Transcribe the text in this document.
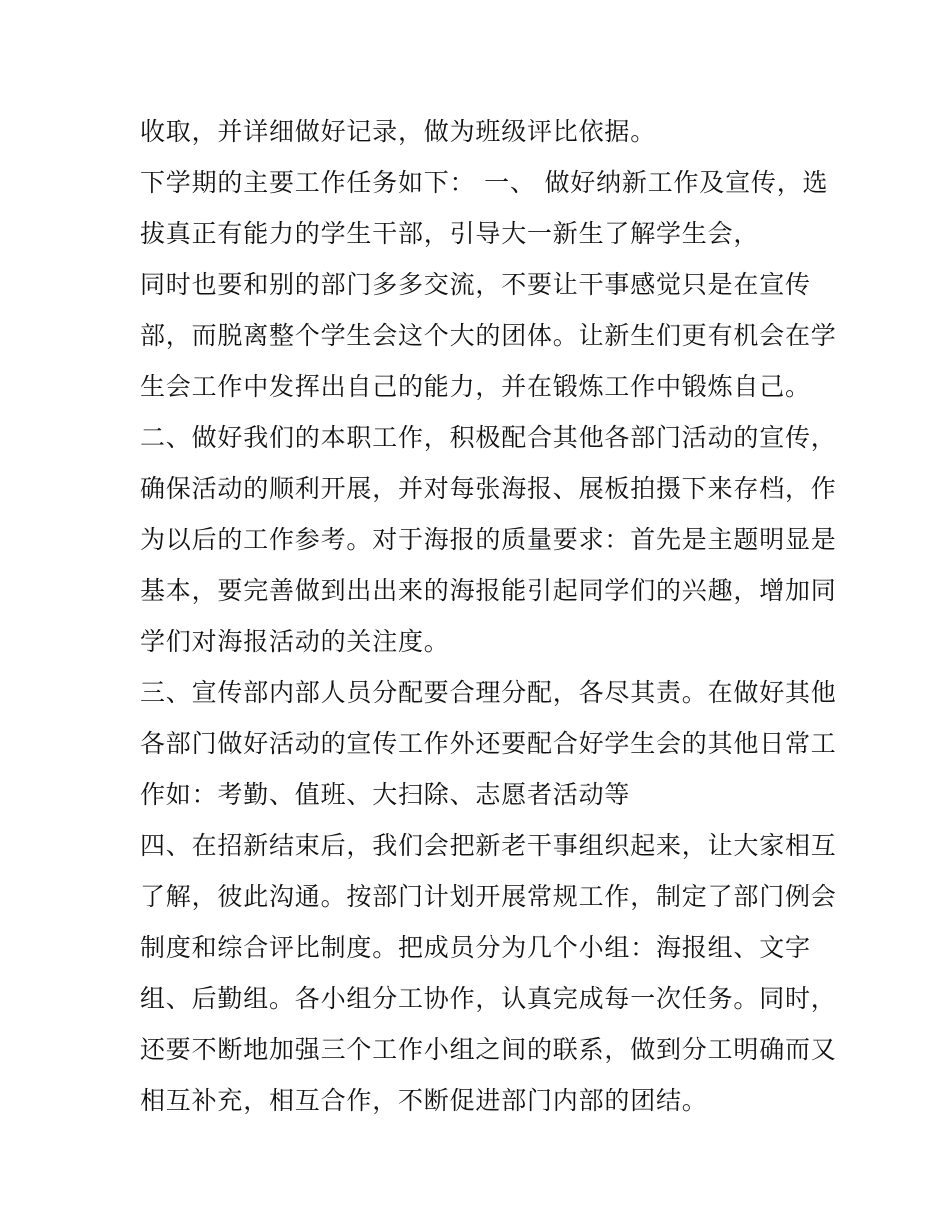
收取，并详细做好记录，做为班级评比依据。
下学期的主要工作任务如下： 一、 做好纳新工作及宣传，选
拔真正有能力的学生干部，引导大一新生了解学生会，
同时也要和别的部门多多交流，不要让干事感觉只是在宣传
部，而脱离整个学生会这个大的团体。让新生们更有机会在学
生会工作中发挥出自己的能力，并在锻炼工作中锻炼自己。
二、做好我们的本职工作，积极配合其他各部门活动的宣传，
确保活动的顺利开展，并对每张海报、展板拍摄下来存档，作
为以后的工作参考。对于海报的质量要求：首先是主题明显是
基本，要完善做到出出来的海报能引起同学们的兴趣，增加同
学们对海报活动的关注度。
三、宣传部内部人员分配要合理分配，各尽其责。在做好其他
各部门做好活动的宣传工作外还要配合好学生会的其他日常工
作如：考勤、值班、大扫除、志愿者活动等
四、在招新结束后，我们会把新老干事组织起来，让大家相互
了解，彼此沟通。按部门计划开展常规工作，制定了部门例会
制度和综合评比制度。把成员分为几个小组：海报组、文字
组、后勤组。各小组分工协作，认真完成每一次任务。同时，
还要不断地加强三个工作小组之间的联系，做到分工明确而又
相互补充，相互合作，不断促进部门内部的团结。
